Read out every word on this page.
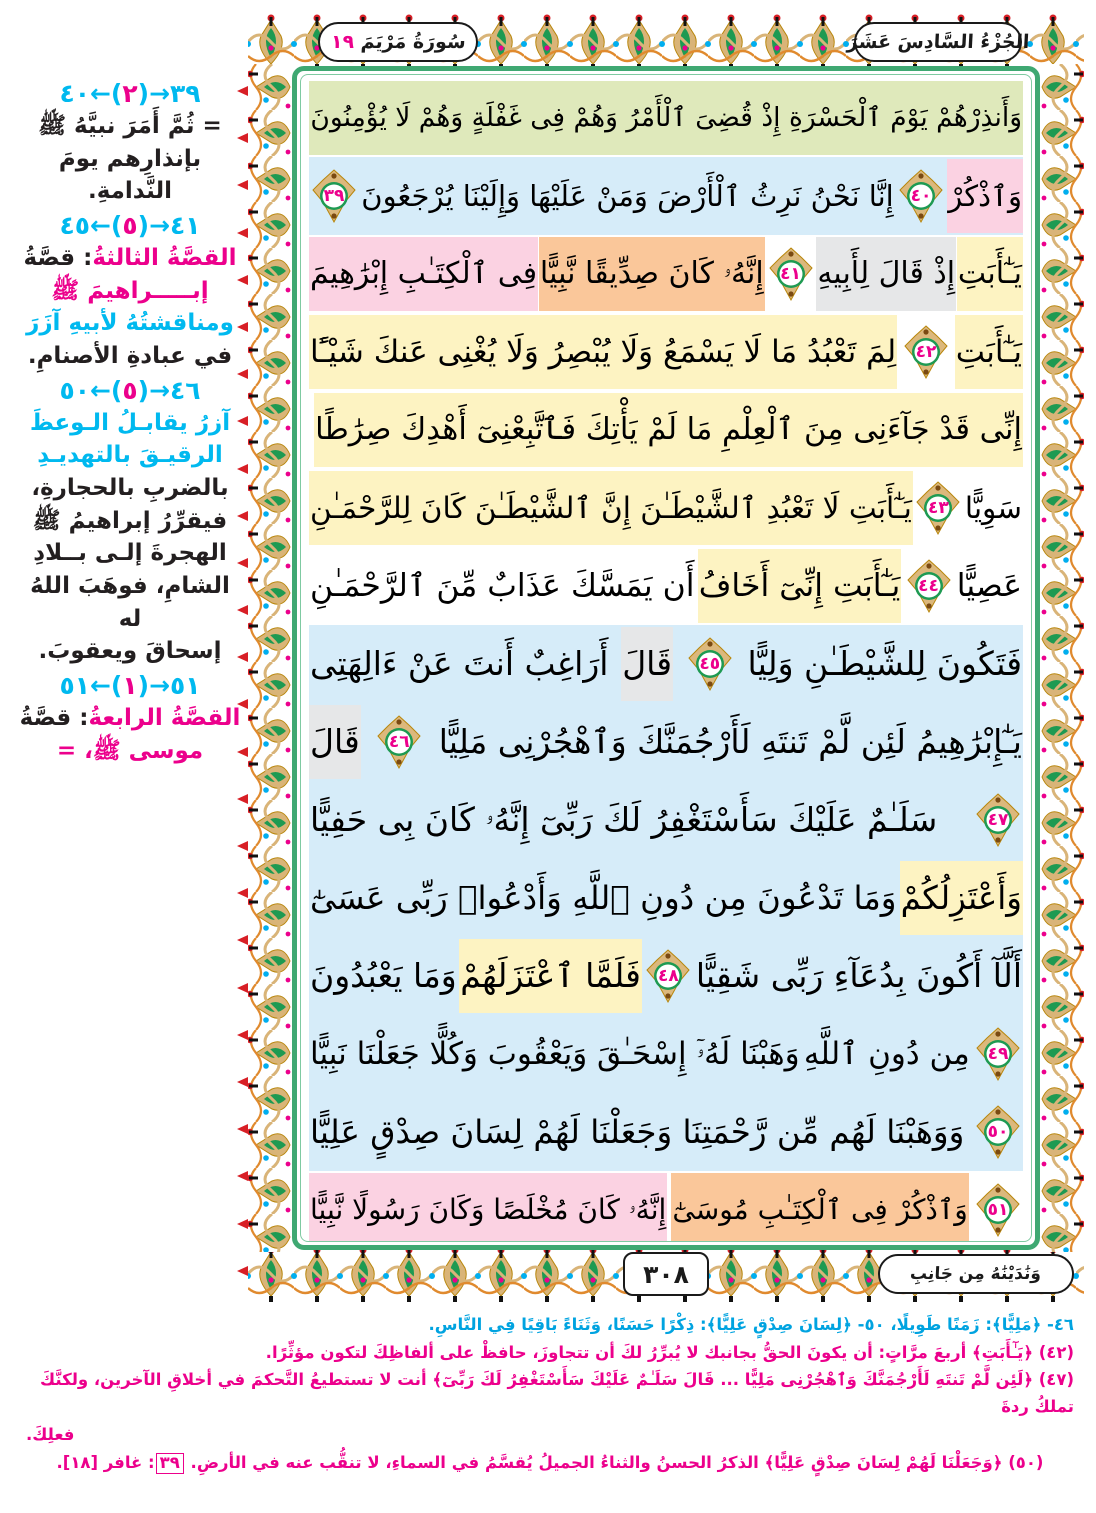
٤٠←(٢)→٣٩
= ثُمَّ أَمَرَ نبيَّهُ ﷺ
بإنذارِهم يومَ النَّدامةِ.
٤٥←(٥)→٤١
القصَّةُ الثالثةُ: قصَّةُ
إبـــــراهيمَ ﷺ
ومناقشتُهُ لأبيهِ آزَرَ
في عبادةِ الأصنامِ.
٥٠←(٥)→٤٦
آزرُ يقابـلُ الـوعظَ
الرقيـقَ بالتهديـدِ
بالضربِ بالحجارةِ،
فيقرِّرُ إبراهيمُ ﷺ
الهجرةَ إلـى بــلادِ
الشامِ، فوهَبَ اللهُ له
إسحاقَ ويعقوبَ.
٥١←(١)→٥١
القصَّةُ الرابعةُ: قصَّةُ
موسى ﷺ، =
سُورَةُ مَرْيَمَ ١٩	الجُزْءُ السَّادِسَ عَشَرَ
وَنَٰدَيْنَٰهُ مِن جَانِبِ
٣٠٨
وَأَنذِرْهُمْ يَوْمَ ٱلْحَسْرَةِ إِذْ قُضِىَ ٱلْأَمْرُ وَهُمْ فِى غَفْلَةٍ وَهُمْ لَا يُؤْمِنُونَ
وَٱذْكُرْ
٤٠
إِنَّا نَحْنُ نَرِثُ ٱلْأَرْضَ وَمَنْ عَلَيْهَا وَإِلَيْنَا يُرْجَعُونَ
٣٩
يَـٰٓأَبَتِ
إِذْ قَالَ لِأَبِيهِ
٤١
إِنَّهُۥ كَانَ صِدِّيقًا نَّبِيًّا
فِى ٱلْكِتَـٰبِ إِبْرَٰهِيمَ
يَـٰٓأَبَتِ
٤٢
لِمَ تَعْبُدُ مَا لَا يَسْمَعُ وَلَا يُبْصِرُ وَلَا يُغْنِى عَنكَ شَيْـًٔا
إِنِّى قَدْ جَآءَنِى مِنَ ٱلْعِلْمِ مَا لَمْ يَأْتِكَ فَٱتَّبِعْنِىٓ أَهْدِكَ صِرَٰطًا
سَوِيًّا
٤٣
يَـٰٓأَبَتِ لَا تَعْبُدِ ٱلشَّيْطَـٰنَ إِنَّ ٱلشَّيْطَـٰنَ كَانَ لِلرَّحْمَـٰنِ
عَصِيًّا
٤٤
يَـٰٓأَبَتِ إِنِّىٓ أَخَافُ
أَن يَمَسَّكَ عَذَابٌ مِّنَ ٱلرَّحْمَـٰنِ
فَتَكُونَ لِلشَّيْطَـٰنِ وَلِيًّا
٤٥
قَالَ
أَرَاغِبٌ أَنتَ عَنْ ءَالِهَتِى
يَـٰٓإِبْرَٰهِيمُ لَئِن لَّمْ تَنتَهِ لَأَرْجُمَنَّكَ وَٱهْجُرْنِى مَلِيًّا
٤٦
قَالَ
٤٧
سَلَـٰمٌ عَلَيْكَ سَأَسْتَغْفِرُ لَكَ رَبِّىٓ إِنَّهُۥ كَانَ بِى حَفِيًّا
وَأَعْتَزِلُكُمْ
وَمَا تَدْعُونَ مِن دُونِ ٱللَّهِ وَأَدْعُوا۟ رَبِّى عَسَىٰٓ
أَلَّآ أَكُونَ بِدُعَآءِ رَبِّى شَقِيًّا
٤٨
فَلَمَّا ٱعْتَزَلَهُمْ
وَمَا يَعْبُدُونَ
٤٩
مِن دُونِ ٱللَّهِ
وَهَبْنَا لَهُۥٓ إِسْحَـٰقَ وَيَعْقُوبَ وَكُلًّا جَعَلْنَا نَبِيًّا
٥٠
وَوَهَبْنَا لَهُم مِّن رَّحْمَتِنَا وَجَعَلْنَا لَهُمْ لِسَانَ صِدْقٍ عَلِيًّا
٥١
وَٱذْكُرْ فِى ٱلْكِتَـٰبِ مُوسَىٰٓ
إِنَّهُۥ كَانَ مُخْلَصًا وَكَانَ رَسُولًا نَّبِيًّا
٤٦- ﴿مَلِيًّا﴾: زَمَنًا طَوِيلًا، ٥٠- ﴿لِسَانَ صِدْقٍ عَلِيًّا﴾: ذِكْرًا حَسَنًا، وَثَنَاءً بَاقِيًا فِي النَّاسِ.
(٤٢) ﴿يَـٰٓأَبَتِ﴾ أربعَ مرَّاتٍ: أن يكونَ الحقُّ بجانبك لا يُبرِّرُ لكَ أن تتجاوزَ، حافظْ على ألفاظِكَ لتكون مؤثِّرًا.
(٤٧) ﴿لَئِن لَّمْ تَنتَهِ لَأَرْجُمَنَّكَ وَٱهْجُرْنِى مَلِيًّا ... قَالَ سَلَـٰمٌ عَلَيْكَ سَأَسْتَغْفِرُ لَكَ رَبِّىٓ﴾ أنت لا تستطيعُ التَّحكمَ في أخلاقِ الآخرين، ولكنَّكَ تملكُ ردةَ
فعلِكَ.
(٥٠) ﴿وَجَعَلْنَا لَهُمْ لِسَانَ صِدْقٍ عَلِيًّا﴾ الذكرُ الحسنُ والثناءُ الجميلُ يُقسَّمُ في السماءِ، لا تنقُّب عنه في الأرضِ. ٣٩: غافر [١٨].
